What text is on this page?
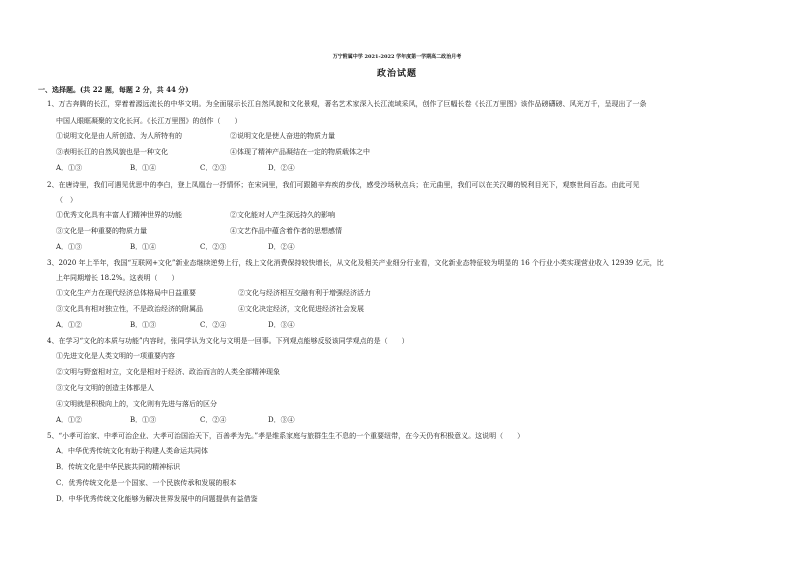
万宁附属中学 2021-2022 学年度第一学期高二政治月考
政治试题
一、选择题。(共 22 题，每题 2 分，共 44 分)
1、万古奔腾的长江，穿着着源远流长的中华文明。为全面展示长江自然风貌和文化景观，著名艺术家深入长江流域采风，创作了巨幅长卷《长江万里图》该作品磅礴磅、风光万千，呈现出了一条
中国人眼眶凝聚的文化长河。《长江万里图》的创作（　　）
①说明文化是由人所创造、为人所特有的	②说明文化是使人奋进的物质力量
③表明长江的自然风貌也是一种文化	④体现了精神产品凝结在一定的物质载体之中
A．①③	B．①④	C．②③	D．②④
2、在唐诗里，我们可遇见优思中的李白，登上凤凰台一抒情怀；在宋词里，我们可跟随辛弃疾的步伐，感受沙场秋点兵；在元曲里，我们可以在关汉卿的锐利目光下，观察世间百态。由此可见
（　）
①优秀文化具有丰富人们精神世界的功能	②文化能对人产生深远持久的影响
③文化是一种重要的物质力量	④文艺作品中蕴含着作者的思想感情
A．①③	B．①④	C．②③	D．②④
3、2020 年上半年，我国“互联网+文化”新业态继续逆势上行，线上文化消费保持较快增长，从文化及相关产业细分行业看，文化新业态特征较为明显的 16 个行业小类实现营业收入 12939 亿元，比
上年同期增长 18.2%。这表明（　　）
①文化生产力在现代经济总体格局中日益重要	②文化与经济相互交融有利于增强经济活力
③文化具有相对独立性，不是政治经济的附属品	④文化决定经济，文化促进经济社会发展
A．①②	B．①③	C．②④	D．③④
4、在学习“文化的本质与功能”内容时，张同学认为文化与文明是一回事。下列观点能够反驳该同学观点的是（　　）
①先进文化是人类文明的一项重要内容
②文明与野蛮相对立，文化是相对于经济、政治而言的人类全部精神现象
③文化与文明的创造主体都是人
④文明就是积极向上的，文化则有先进与落后的区分
A．①②	B．①③	C．②④	D．③④
5、“小孝可治家、中孝可治企业、大孝可治国治天下，百善孝为先。”孝是维系家庭与旅群生生不息的一个重要纽带，在今天仍有积极意义。这说明（　　）
A．中华优秀传统文化有助于构建人类命运共同体
B．传统文化是中华民族共同的精神标识
C．优秀传统文化是一个国家、一个民族传承和发展的根本
D．中华优秀传统文化能够为解决世界发展中的问题提供有益借鉴
